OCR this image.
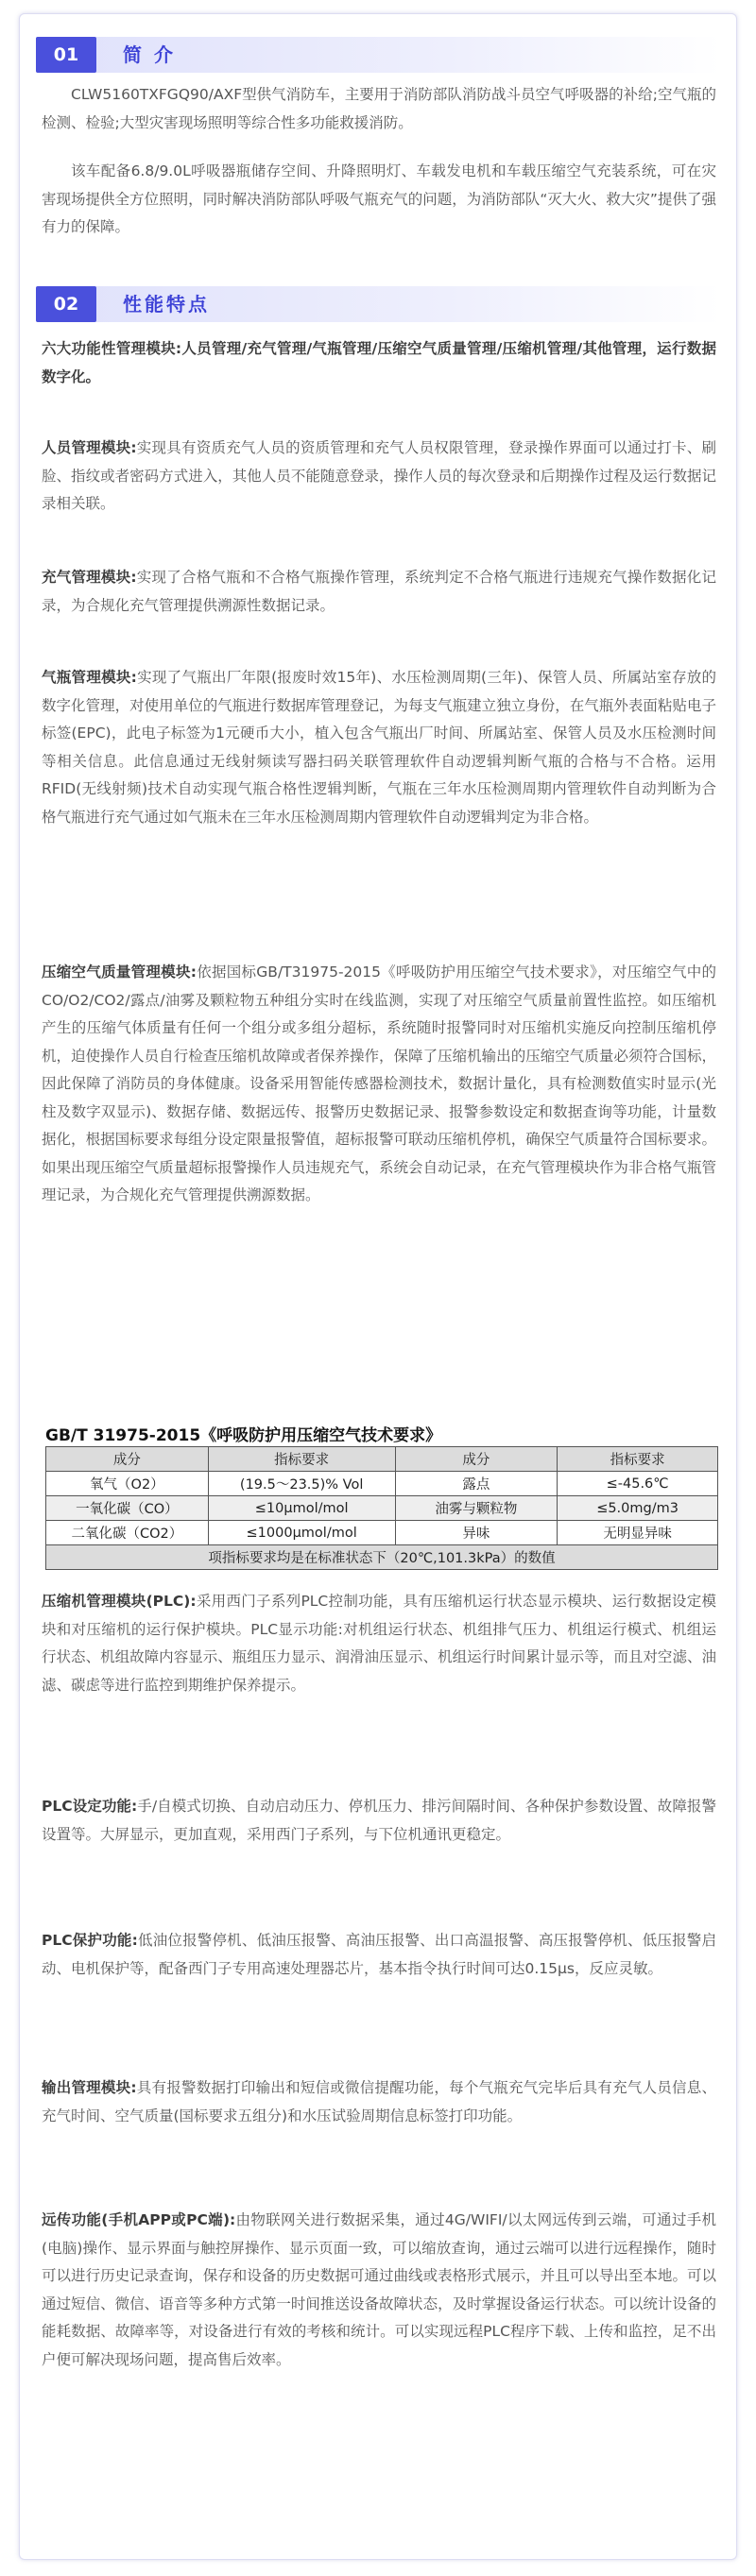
01	简 介

CLW5160TXFGQ90/AXF型供气消防车，主要用于消防部队消防战斗员空气呼吸器的补给;空气瓶的检测、检验;大型灾害现场照明等综合性多功能救援消防。

该车配备6.8/9.0L呼吸器瓶储存空间、升降照明灯、车载发电机和车载压缩空气充装系统，可在灾害现场提供全方位照明，同时解决消防部队呼吸气瓶充气的问题，为消防部队“灭大火、救大灾”提供了强有力的保障。

02	性能特点

六大功能性管理模块:人员管理/充气管理/气瓶管理/压缩空气质量管理/压缩机管理/其他管理，运行数据数字化。

人员管理模块:实现具有资质充气人员的资质管理和充气人员权限管理，登录操作界面可以通过打卡、刷脸、指纹或者密码方式进入，其他人员不能随意登录，操作人员的每次登录和后期操作过程及运行数据记录相关联。

充气管理模块:实现了合格气瓶和不合格气瓶操作管理，系统判定不合格气瓶进行违规充气操作数据化记录，为合规化充气管理提供溯源性数据记录。

气瓶管理模块:实现了气瓶出厂年限(报废时效15年)、水压检测周期(三年)、保管人员、所属站室存放的数字化管理，对使用单位的气瓶进行数据库管理登记，为每支气瓶建立独立身份，在气瓶外表面粘贴电子标签(EPC)，此电子标签为1元硬币大小，植入包含气瓶出厂时间、所属站室、保管人员及水压检测时间等相关信息。此信息通过无线射频读写器扫码关联管理软件自动逻辑判断气瓶的合格与不合格。运用RFID(无线射频)技术自动实现气瓶合格性逻辑判断，气瓶在三年水压检测周期内管理软件自动判断为合格气瓶进行充气通过如气瓶未在三年水压检测周期内管理软件自动逻辑判定为非合格。

压缩空气质量管理模块:依据国标GB/T31975-2015《呼吸防护用压缩空气技术要求》，对压缩空气中的CO/O2/CO2/露点/油雾及颗粒物五种组分实时在线监测，实现了对压缩空气质量前置性监控。如压缩机产生的压缩气体质量有任何一个组分或多组分超标，系统随时报警同时对压缩机实施反向控制压缩机停机，迫使操作人员自行检查压缩机故障或者保养操作，保障了压缩机输出的压缩空气质量必须符合国标，因此保障了消防员的身体健康。设备采用智能传感器检测技术，数据计量化，具有检测数值实时显示(光柱及数字双显示)、数据存储、数据远传、报警历史数据记录、报警参数设定和数据查询等功能，计量数据化，根据国标要求每组分设定限量报警值，超标报警可联动压缩机停机，确保空气质量符合国标要求。如果出现压缩空气质量超标报警操作人员违规充气，系统会自动记录，在充气管理模块作为非合格气瓶管理记录，为合规化充气管理提供溯源数据。

GB/T 31975-2015《呼吸防护用压缩空气技术要求》
成分	指标要求	成分	指标要求
氧气（O2）	(19.5～23.5)% Vol	露点	≤-45.6℃
一氧化碳（CO）	≤10μmol/mol	油雾与颗粒物	≤5.0mg/m3
二氧化碳（CO2）	≤1000μmol/mol	异味	无明显异味
项指标要求均是在标准状态下（20℃,101.3kPa）的数值			

压缩机管理模块(PLC):采用西门子系列PLC控制功能，具有压缩机运行状态显示模块、运行数据设定模块和对压缩机的运行保护模块。PLC显示功能:对机组运行状态、机组排气压力、机组运行模式、机组运行状态、机组故障内容显示、瓶组压力显示、润滑油压显示、机组运行时间累计显示等，而且对空滤、油滤、碳虑等进行监控到期维护保养提示。

PLC设定功能:手/自模式切换、自动启动压力、停机压力、排污间隔时间、各种保护参数设置、故障报警设置等。大屏显示，更加直观，采用西门子系列，与下位机通讯更稳定。

PLC保护功能:低油位报警停机、低油压报警、高油压报警、出口高温报警、高压报警停机、低压报警启动、电机保护等，配备西门子专用高速处理器芯片，基本指令执行时间可达0.15μs，反应灵敏。

输出管理模块:具有报警数据打印输出和短信或微信提醒功能，每个气瓶充气完毕后具有充气人员信息、充气时间、空气质量(国标要求五组分)和水压试验周期信息标签打印功能。

远传功能(手机APP或PC端):由物联网关进行数据采集，通过4G/WIFI/以太网远传到云端，可通过手机(电脑)操作、显示界面与触控屏操作、显示页面一致，可以缩放查询，通过云端可以进行远程操作，随时可以进行历史记录查询，保存和设备的历史数据可通过曲线或表格形式展示，并且可以导出至本地。可以通过短信、微信、语音等多种方式第一时间推送设备故障状态，及时掌握设备运行状态。可以统计设备的能耗数据、故障率等，对设备进行有效的考核和统计。可以实现远程PLC程序下载、上传和监控，足不出户便可解决现场问题，提高售后效率。
